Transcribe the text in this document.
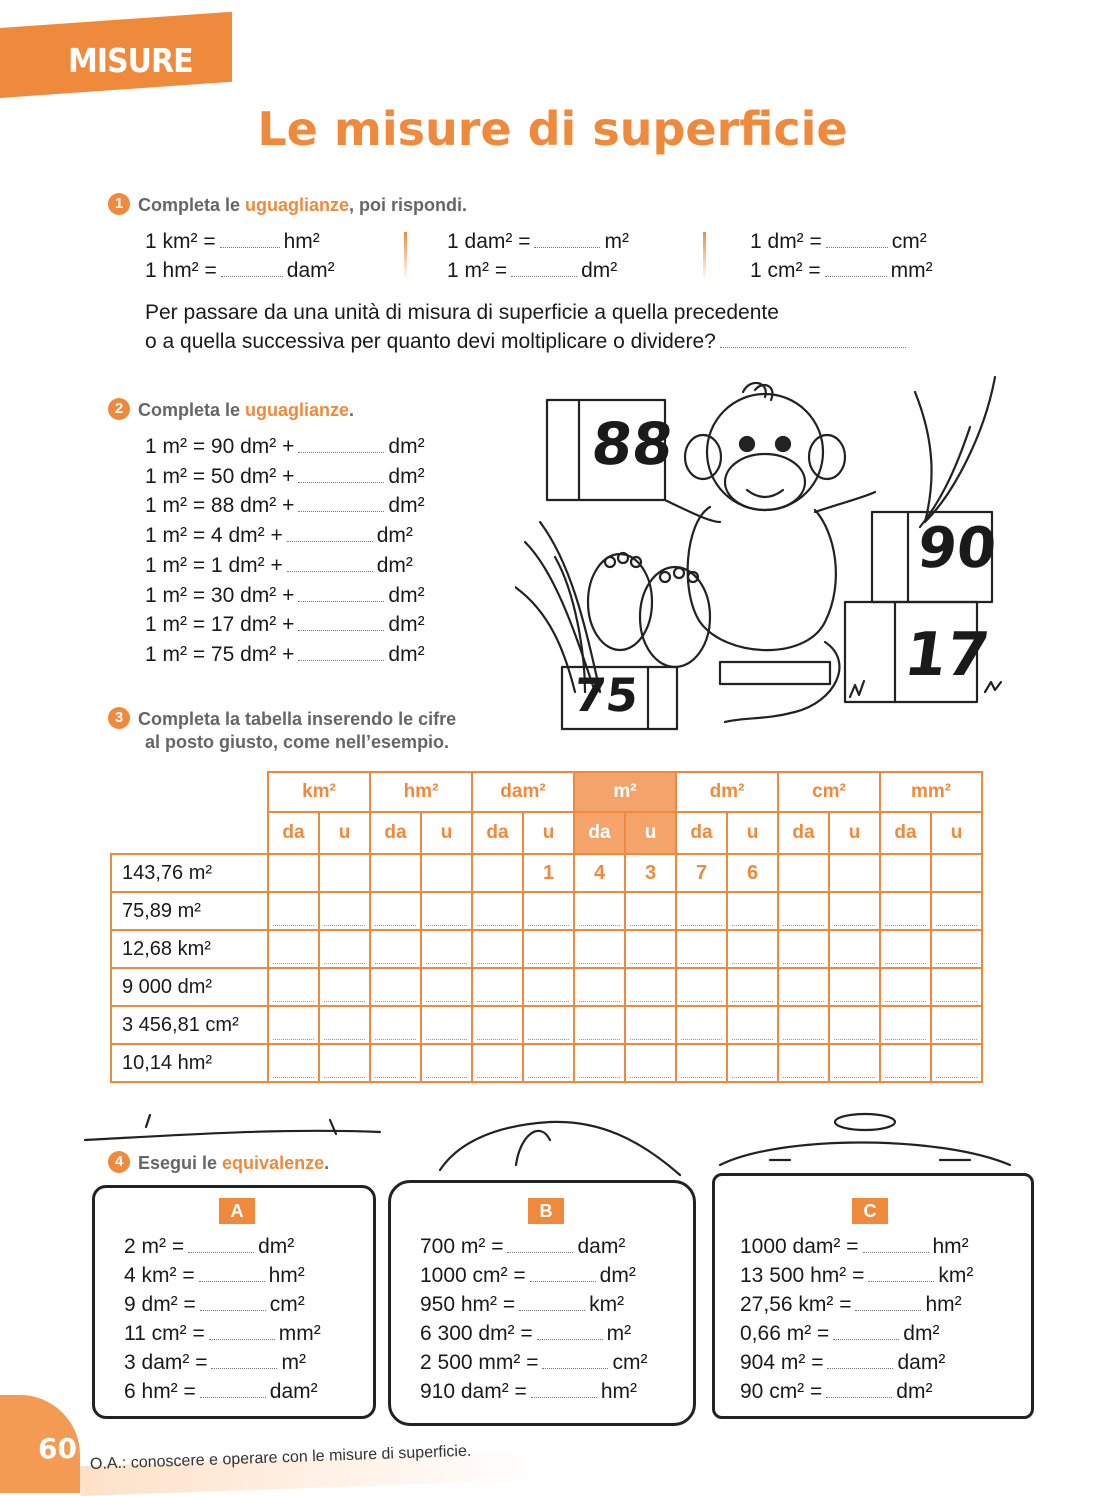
MISURE
Le misure di superficie
1 Completa le uguaglianze, poi rispondi.
1 km² =	hm²
1 hm² =	dam²
1 dam² =	m²
1 m² =	dm²
1 dm² =	cm²
1 cm² =	mm²
Per passare da una unità di misura di superficie a quella precedente
o a quella successiva per quanto devi moltiplicare o dividere?
2 Completa le uguaglianze.
1 m² = 90 dm² +	dm²
1 m² = 50 dm² +	dm²
1 m² = 88 dm² +	dm²
1 m² = 4 dm² +	dm²
1 m² = 1 dm² +	dm²
1 m² = 30 dm² +	dm²
1 m² = 17 dm² +	dm²
1 m² = 75 dm² +	dm²
88
90
17
75
3 Completa la tabella inserendo le cifre
al posto giusto, come nell’esempio.
	km²		hm²		dam²		m²		dm²		cm²		mm²	
	da	u	da	u	da	u	da	u	da	u	da	u	da	u
143,76 m²						1	4	3	7	6				
75,89 m²	

12,68 km²	

9 000 dm²	

3 456,81 cm²	

10,14 hm²	

4 Esegui le equivalenze.
A
2 m² =	dm²
4 km² =	hm²
9 dm² =	cm²
11 cm² =	mm²
3 dam² =	m²
6 hm² =	dam²
B
700 m² =	dam²
1000 cm² =	dm²
950 hm² =	km²
6 300 dm² =	m²
2 500 mm² =	cm²
910 dam² =	hm²
C
1000 dam² =	hm²
13 500 hm² =	km²
27,56 km² =	hm²
0,66 m² =	dm²
904 m² =	dam²
90 cm² =	dm²
60 O.A.: conoscere e operare con le misure di superficie.
